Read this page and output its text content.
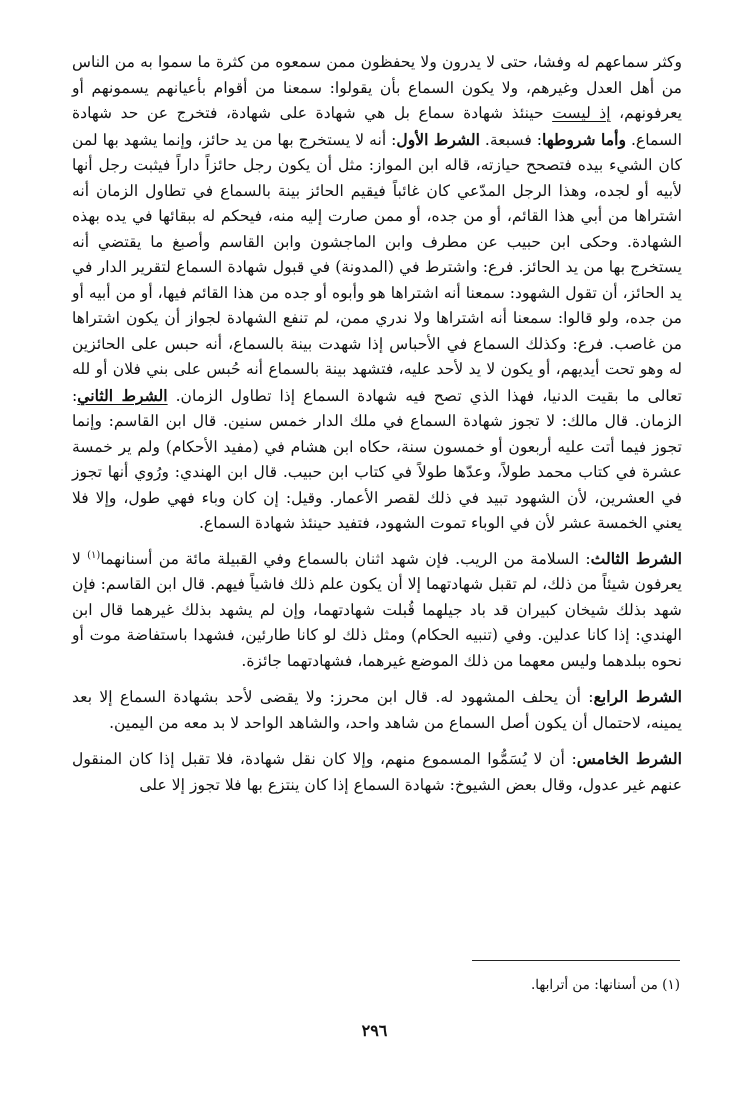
وكثر سماعهم له وفشا، حتى لا يدرون ولا يحفظون ممن سمعوه من كثرة ما سموا به من الناس من أهل العدل وغيرهم، ولا يكون السماع بأن يقولوا: سمعنا من أقوام بأعيانهم يسمونهم أو يعرفونهم، إذ ليست حينئذ شهادة سماع بل هي شهادة على شهادة، فتخرج عن حد شهادة السماع. وأما شروطها: فسبعة. الشرط الأول: أنه لا يستخرج بها من يد حائز، وإنما يشهد بها لمن كان الشيء بيده فتصحح حيازته، قاله ابن المواز: مثل أن يكون رجل حائزاً داراً فيثبت رجل أنها لأبيه أو لجده، وهذا الرجل المدّعي كان غائباً فيقيم الحائز بينة بالسماع في تطاول الزمان أنه اشتراها من أبي هذا القائم، أو من جده، أو ممن صارت إليه منه، فيحكم له ببقائها في يده بهذه الشهادة. وحكى ابن حبيب عن مطرف وابن الماجشون وابن القاسم وأصبغ ما يقتضي أنه يستخرج بها من يد الحائز. فرع: واشترط في (المدونة) في قبول شهادة السماع لتقرير الدار في يد الحائز، أن تقول الشهود: سمعنا أنه اشتراها هو وأبوه أو جده من هذا القائم فيها، أو من أبيه أو من جده، ولو قالوا: سمعنا أنه اشتراها ولا ندري ممن، لم تنفع الشهادة لجواز أن يكون اشتراها من غاصب. فرع: وكذلك السماع في الأحباس إذا شهدت بينة بالسماع، أنه حبس على الحائزين له وهو تحت أيديهم، أو يكون لا يد لأحد عليه، فتشهد بينة بالسماع أنه حُبس على بني فلان أو لله تعالى ما بقيت الدنيا، فهذا الذي تصح فيه شهادة السماع إذا تطاول الزمان. الشرط الثاني: الزمان. قال مالك: لا تجوز شهادة السماع في ملك الدار خمس سنين. قال ابن القاسم: وإنما تجوز فيما أتت عليه أربعون أو خمسون سنة، حكاه ابن هشام في (مفيد الأحكام) ولم ير خمسة عشرة في كتاب محمد طولاً، وعدّها طولاً في كتاب ابن حبيب. قال ابن الهندي: ورُوي أنها تجوز في العشرين، لأن الشهود تبيد في ذلك لقصر الأعمار. وقيل: إن كان وباء فهي طول، وإلا فلا يعني الخمسة عشر لأن في الوباء تموت الشهود، فتفيد حينئذ شهادة السماع.

الشرط الثالث: السلامة من الريب. فإن شهد اثنان بالسماع وفي القبيلة مائة من أسنانهما$^{(١)}$ لا يعرفون شيئاً من ذلك، لم تقبل شهادتهما إلا أن يكون علم ذلك فاشياً فيهم. قال ابن القاسم: فإن شهد بذلك شيخان كبيران قد باد جيلهما قُبلت شهادتهما، وإن لم يشهد بذلك غيرهما قال ابن الهندي: إذا كانا عدلين. وفي (تنبيه الحكام) ومثل ذلك لو كانا طارئين، فشهدا باستفاضة موت أو نحوه ببلدهما وليس معهما من ذلك الموضع غيرهما، فشهادتهما جائزة.

الشرط الرابع: أن يحلف المشهود له. قال ابن محرز: ولا يقضى لأحد بشهادة السماع إلا بعد يمينه، لاحتمال أن يكون أصل السماع من شاهد واحد، والشاهد الواحد لا بد معه من اليمين.

الشرط الخامس: أن لا يُسَمُّوا المسموع منهم، وإلا كان نقل شهادة، فلا تقبل إذا كان المنقول عنهم غير عدول، وقال بعض الشيوخ: شهادة السماع إذا كان ينتزع بها فلا تجوز إلا على

(١) من أسنانها: من أترابها.
٢٩٦
